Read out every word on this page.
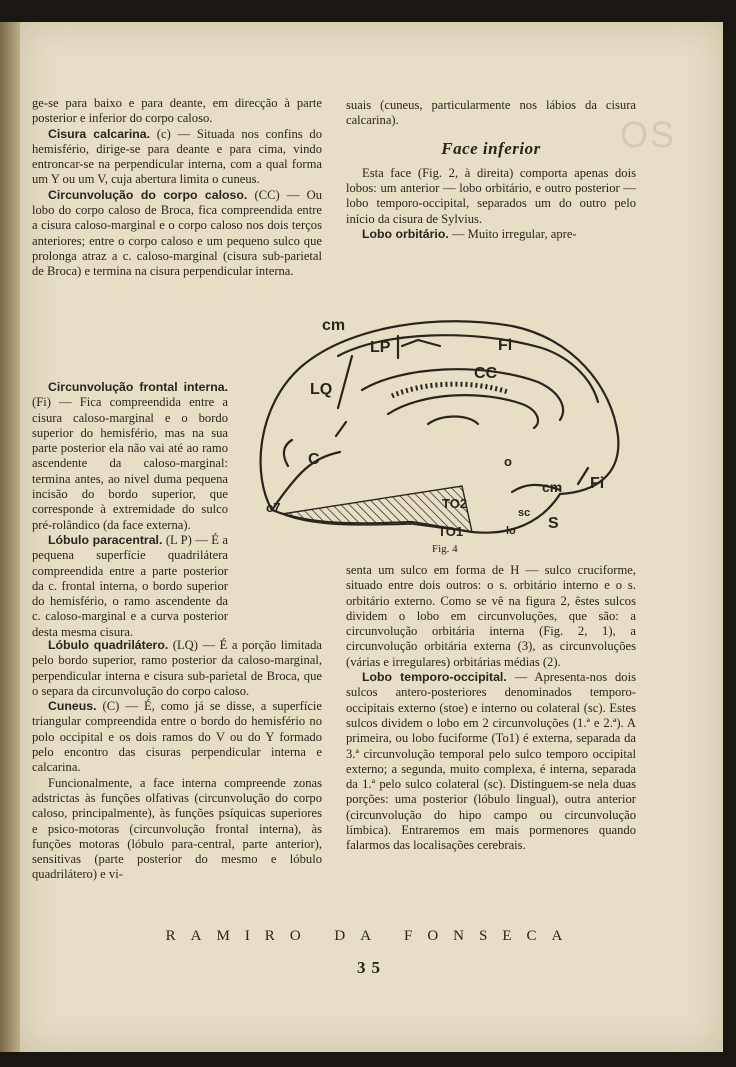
OS

ge-se para baixo e para deante, em direcção à parte posterior e inferior do corpo caloso.

Cisura calcarina. (c) — Situada nos confins do hemisfério, dirige-se para deante e para cima, vindo entroncar-se na perpendicular interna, com a qual forma um Y ou um V, cuja abertura limita o cuneus.

Circunvolução do corpo caloso. (CC) — Ou lobo do corpo caloso de Broca, fica compreendida entre a cisura caloso-marginal e o corpo caloso nos dois terços anteriores; entre o corpo caloso e um pequeno sulco que prolonga atraz a c. caloso-marginal (cisura sub-parietal de Broca) e termina na cisura perpendicular interna.

Circunvolução frontal interna. (Fi) — Fica compreendida entre a cisura caloso-marginal e o bordo superior do hemisfério, mas na sua parte posterior ela não vai até ao ramo ascendente da caloso-marginal: termina antes, ao nivel duma pequena incisão do bordo superior, que corresponde à extremidade do sulco pré-rolândico (da face externa).

Lóbulo paracentral. (L P) — É a pequena superfície quadrilátera compreendida entre a parte posterior da c. frontal interna, o bordo superior do hemisfério, o ramo ascendente da c. caloso-marginal e a curva posterior desta mesma cisura.

Lóbulo quadrilátero. (LQ) — É a porção limitada pelo bordo superior, ramo posterior da caloso-marginal, perpendicular interna e cisura sub-parietal de Broca, que o separa da circunvolução do corpo caloso.

Cuneus. (C) — É, como já se disse, a superfície triangular compreendida entre o bordo do hemisfério no polo occipital e os dois ramos do V ou do Y formado pelo encontro das cisuras perpendicular interna e calcarina.

Funcionalmente, a face interna compreende zonas adstrictas às funções olfativas (circunvolução do corpo caloso, principalmente), às funções psíquicas superiores e psico-motoras (circunvolução frontal interna), às funções motoras (lóbulo para-central, parte anterior), sensitivas (parte posterior do mesmo e lóbulo quadrilátero) e vi-

suais (cuneus, particularmente nos lábios da cisura calcarina).

Face inferior

Esta face (Fig. 2, à direita) comporta apenas dois lobos: um anterior — lobo orbitário, e outro posterior — lobo temporo-occipital, separados um do outro pelo início da cisura de Sylvius.

Lobo orbitário. — Muito irregular, apre-

cm
LP	Fi
CC
LQ
C
c7
o
cm Fi
TO2
TO1	S
sc
lo
Fig. 4

senta um sulco em forma de H — sulco cruciforme, situado entre dois outros: o s. orbitário interno e o s. orbitário externo. Como se vê na figura 2, êstes sulcos dividem o lobo em circunvoluções, que são: a circunvolução orbitária interna (Fig. 2, 1), a circunvolução orbitária externa (3), as circunvoluções (várias e irregulares) orbitárias médias (2).

Lobo temporo-occipital. — Apresenta-nos dois sulcos antero-posteriores denominados temporo-occipitais externo (stoe) e interno ou colateral (sc). Estes sulcos dividem o lobo em 2 circunvoluções (1.ª e 2.ª). A primeira, ou lobo fuciforme (To1) é externa, separada da 3.ª circunvolução temporal pelo sulco temporo occipital externo; a segunda, muito complexa, é interna, separada da 1.ª pelo sulco colateral (sc). Distinguem-se nela duas porções: uma posterior (lóbulo lingual), outra anterior (circunvolução do hipo campo ou circunvolução límbica). Entraremos em mais pormenores quando falarmos das localisações cerebrais.

RAMIRO DA FONSECA
35
